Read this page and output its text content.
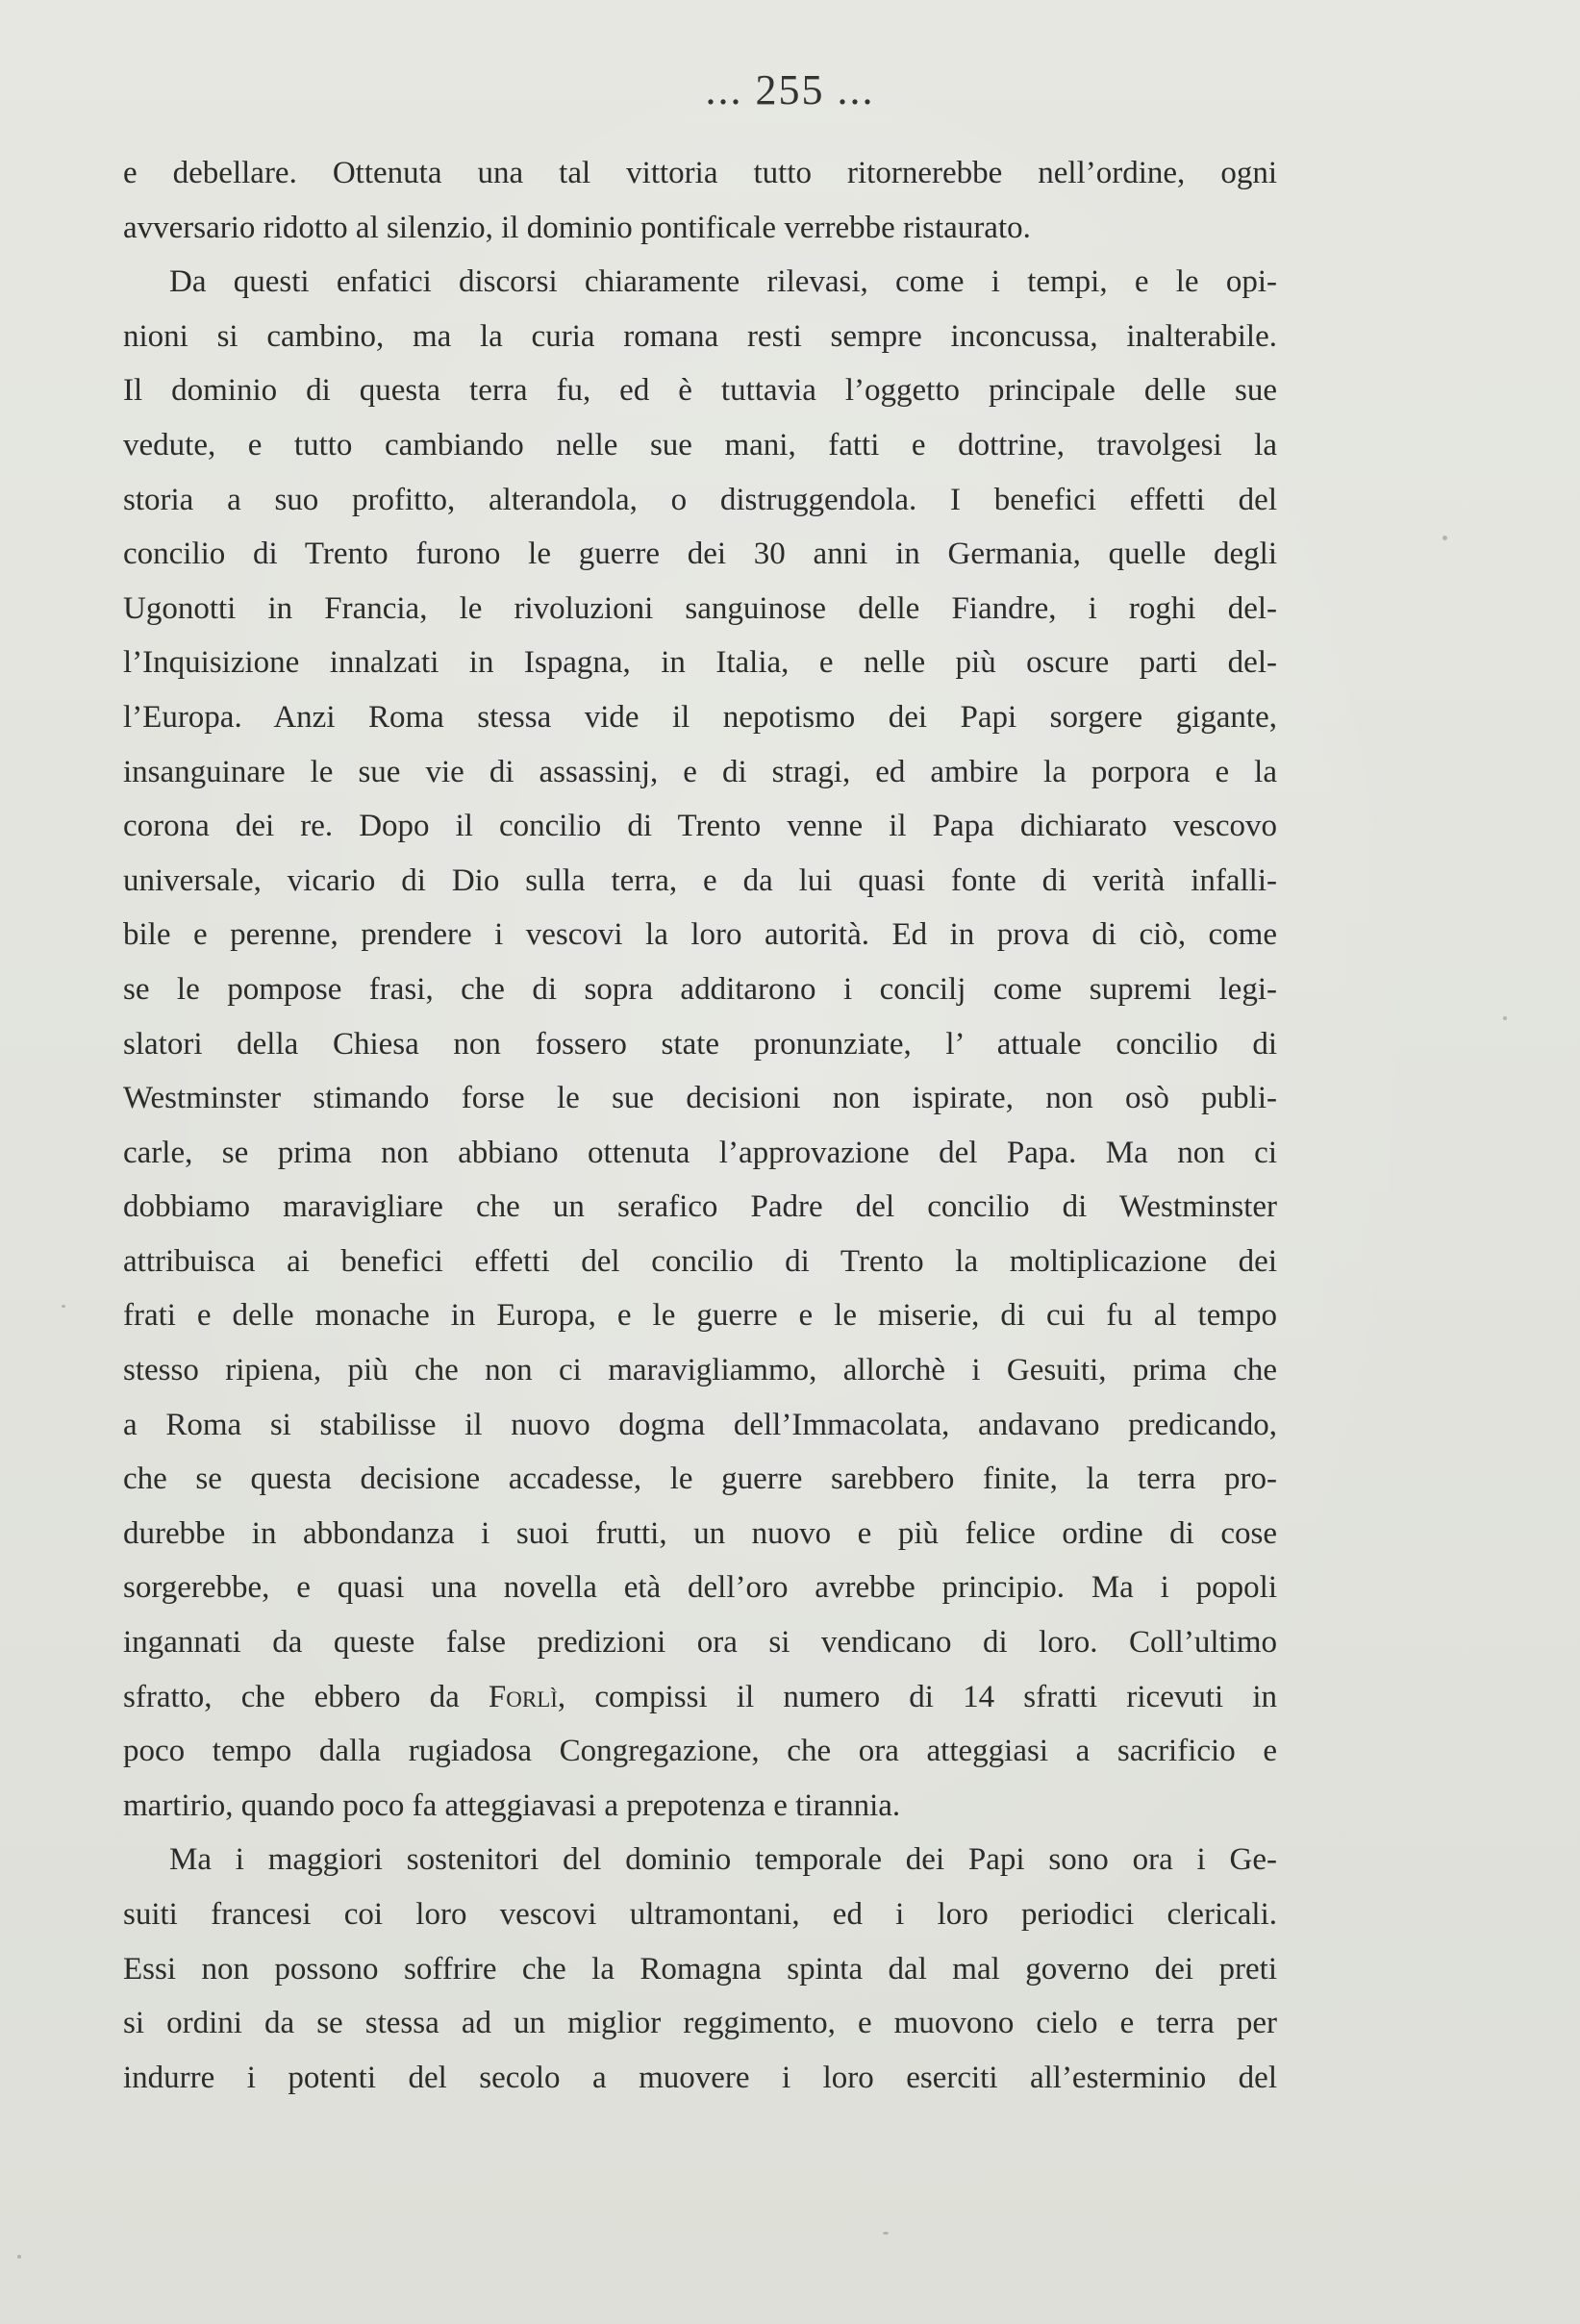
... 255 ...
e debellare. Ottenuta una tal vittoria tutto ritornerebbe nell’ordine, ogni
avversario ridotto al silenzio, il dominio pontificale verrebbe ristaurato.
Da questi enfatici discorsi chiaramente rilevasi, come i tempi, e le opi-
nioni si cambino, ma la curia romana resti sempre inconcussa, inalterabile.
Il dominio di questa terra fu, ed è tuttavia l’oggetto principale delle sue
vedute, e tutto cambiando nelle sue mani, fatti e dottrine, travolgesi la
storia a suo profitto, alterandola, o distruggendola. I benefici effetti del
concilio di Trento furono le guerre dei 30 anni in Germania, quelle degli
Ugonotti in Francia, le rivoluzioni sanguinose delle Fiandre, i roghi del-
l’Inquisizione innalzati in Ispagna, in Italia, e nelle più oscure parti del-
l’Europa. Anzi Roma stessa vide il nepotismo dei Papi sorgere gigante,
insanguinare le sue vie di assassinj, e di stragi, ed ambire la porpora e la
corona dei re. Dopo il concilio di Trento venne il Papa dichiarato vescovo
universale, vicario di Dio sulla terra, e da lui quasi fonte di verità infalli-
bile e perenne, prendere i vescovi la loro autorità. Ed in prova di ciò, come
se le pompose frasi, che di sopra additarono i concilj come supremi legi-
slatori della Chiesa non fossero state pronunziate, l’ attuale concilio di
Westminster stimando forse le sue decisioni non ispirate, non osò publi-
carle, se prima non abbiano ottenuta l’approvazione del Papa. Ma non ci
dobbiamo maravigliare che un serafico Padre del concilio di Westminster
attribuisca ai benefici effetti del concilio di Trento la moltiplicazione dei
frati e delle monache in Europa, e le guerre e le miserie, di cui fu al tempo
stesso ripiena, più che non ci maravigliammo, allorchè i Gesuiti, prima che
a Roma si stabilisse il nuovo dogma dell’Immacolata, andavano predicando,
che se questa decisione accadesse, le guerre sarebbero finite, la terra pro-
durebbe in abbondanza i suoi frutti, un nuovo e più felice ordine di cose
sorgerebbe, e quasi una novella età dell’oro avrebbe principio. Ma i popoli
ingannati da queste false predizioni ora si vendicano di loro. Coll’ultimo
sfratto, che ebbero da Forlì, compissi il numero di 14 sfratti ricevuti in
poco tempo dalla rugiadosa Congregazione, che ora atteggiasi a sacrificio e
martirio, quando poco fa atteggiavasi a prepotenza e tirannia.
Ma i maggiori sostenitori del dominio temporale dei Papi sono ora i Ge-
suiti francesi coi loro vescovi ultramontani, ed i loro periodici clericali.
Essi non possono soffrire che la Romagna spinta dal mal governo dei preti
si ordini da se stessa ad un miglior reggimento, e muovono cielo e terra per
indurre i potenti del secolo a muovere i loro eserciti all’esterminio del
